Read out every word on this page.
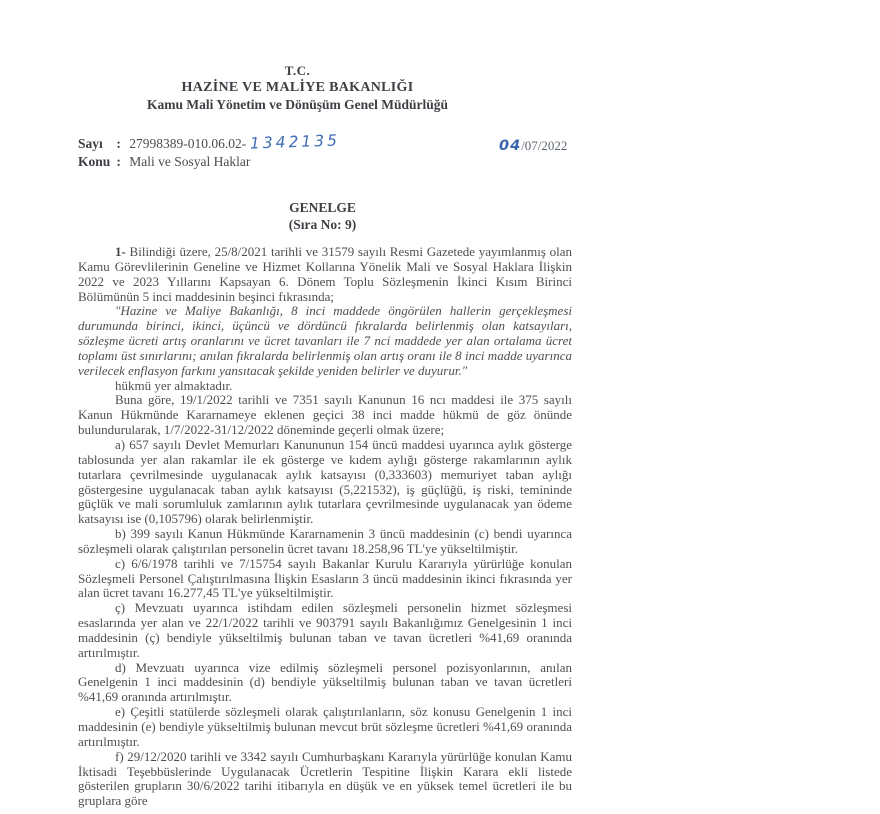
T.C.
HAZİNE VE MALİYE BAKANLIĞI
Kamu Mali Yönetim ve Dönüşüm Genel Müdürlüğü
Sayı : 27998389-010.06.02- 1342135
Konu : Mali ve Sosyal Haklar
04/07/2022
GENELGE
(Sıra No: 9)

1- Bilindiği üzere, 25/8/2021 tarihli ve 31579 sayılı Resmi Gazetede yayımlanmış olan Kamu Görevlilerinin Geneline ve Hizmet Kollarına Yönelik Mali ve Sosyal Haklara İlişkin 2022 ve 2023 Yıllarını Kapsayan 6. Dönem Toplu Sözleşmenin İkinci Kısım Birinci Bölümünün 5 inci maddesinin beşinci fıkrasında;

"Hazine ve Maliye Bakanlığı, 8 inci maddede öngörülen hallerin gerçekleşmesi durumunda birinci, ikinci, üçüncü ve dördüncü fıkralarda belirlenmiş olan katsayıları, sözleşme ücreti artış oranlarını ve ücret tavanları ile 7 nci maddede yer alan ortalama ücret toplamı üst sınırlarını; anılan fıkralarda belirlenmiş olan artış oranı ile 8 inci madde uyarınca verilecek enflasyon farkını yansıtacak şekilde yeniden belirler ve duyurur."

hükmü yer almaktadır.

Buna göre, 19/1/2022 tarihli ve 7351 sayılı Kanunun 16 ncı maddesi ile 375 sayılı Kanun Hükmünde Kararnameye eklenen geçici 38 inci madde hükmü de göz önünde bulundurularak, 1/7/2022-31/12/2022 döneminde geçerli olmak üzere;

a) 657 sayılı Devlet Memurları Kanununun 154 üncü maddesi uyarınca aylık gösterge tablosunda yer alan rakamlar ile ek gösterge ve kıdem aylığı gösterge rakamlarının aylık tutarlara çevrilmesinde uygulanacak aylık katsayısı (0,333603) memuriyet taban aylığı göstergesine uygulanacak taban aylık katsayısı (5,221532), iş güçlüğü, iş riski, temininde güçlük ve mali sorumluluk zamlarının aylık tutarlara çevrilmesinde uygulanacak yan ödeme katsayısı ise (0,105796) olarak belirlenmiştir.

b) 399 sayılı Kanun Hükmünde Kararnamenin 3 üncü maddesinin (c) bendi uyarınca sözleşmeli olarak çalıştırılan personelin ücret tavanı 18.258,96 TL'ye yükseltilmiştir.

c) 6/6/1978 tarihli ve 7/15754 sayılı Bakanlar Kurulu Kararıyla yürürlüğe konulan Sözleşmeli Personel Çalıştırılmasına İlişkin Esasların 3 üncü maddesinin ikinci fıkrasında yer alan ücret tavanı 16.277,45 TL'ye yükseltilmiştir.

ç) Mevzuatı uyarınca istihdam edilen sözleşmeli personelin hizmet sözleşmesi esaslarında yer alan ve 22/1/2022 tarihli ve 903791 sayılı Bakanlığımız Genelgesinin 1 inci maddesinin (ç) bendiyle yükseltilmiş bulunan taban ve tavan ücretleri %41,69 oranında artırılmıştır.

d) Mevzuatı uyarınca vize edilmiş sözleşmeli personel pozisyonlarının, anılan Genelgenin 1 inci maddesinin (d) bendiyle yükseltilmiş bulunan taban ve tavan ücretleri %41,69 oranında artırılmıştır.

e) Çeşitli statülerde sözleşmeli olarak çalıştırılanların, söz konusu Genelgenin 1 inci maddesinin (e) bendiyle yükseltilmiş bulunan mevcut brüt sözleşme ücretleri %41,69 oranında artırılmıştır.

f) 29/12/2020 tarihli ve 3342 sayılı Cumhurbaşkanı Kararıyla yürürlüğe konulan Kamu İktisadi Teşebbüslerinde Uygulanacak Ücretlerin Tespitine İlişkin Karara ekli listede gösterilen grupların 30/6/2022 tarihi itibarıyla en düşük ve en yüksek temel ücretleri ile bu gruplara göre
